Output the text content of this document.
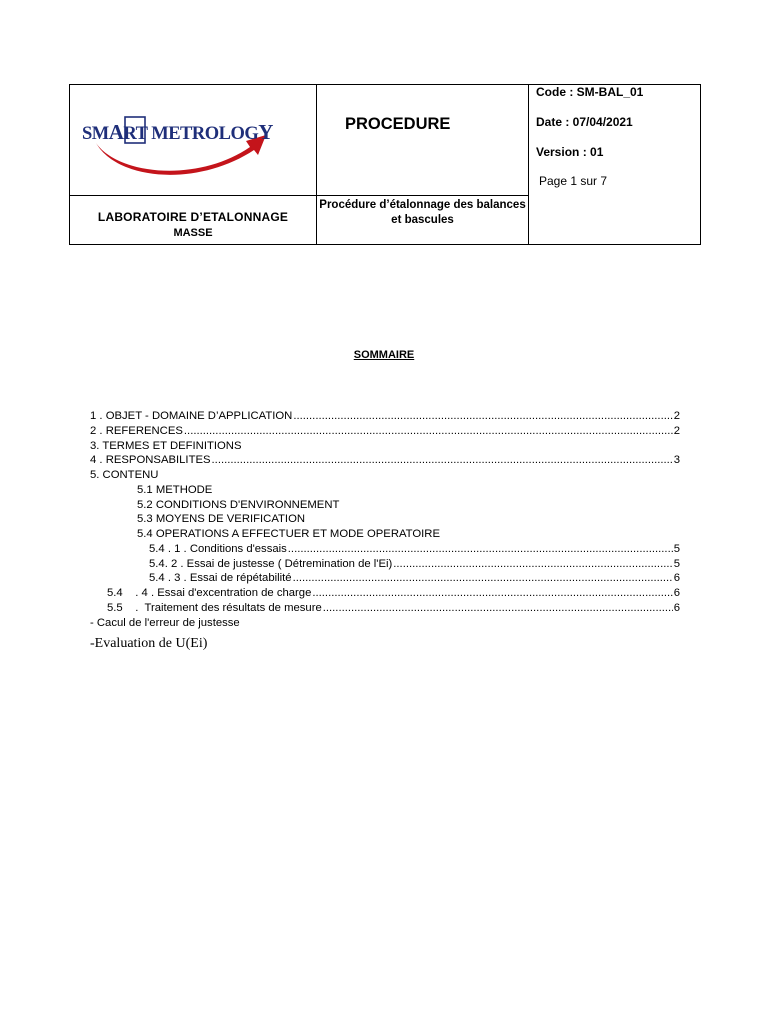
SMART METROLOGY	PROCEDURE	Code : SM-BAL_01
Date : 07/04/2021
Version : 01
Page 1 sur 7

LABORATOIRE D’ETALONNAGE
MASSE	Procédure d’étalonnage des balances et bascules	
SOMMAIRE
1 . OBJET - DOMAINE D’APPLICATION .....	2
2 . REFERENCES .....	2
3. TERMES ET DEFINITIONS
4 . RESPONSABILITES .....	3
5. CONTENU
5.1 METHODE
5.2 CONDITIONS D'ENVIRONNEMENT
5.3 MOYENS DE VERIFICATION
5.4 OPERATIONS A EFFECTUER ET MODE OPERATOIRE
5.4 . 1 . Conditions d'essais .....	5
5.4. 2 . Essai de justesse ( Détremination de l'Ei) .....	5
5.4 . 3 . Essai de répétabilité .....	6
5.4    . 4 . Essai d'excentration de charge .....	6
5.5    .  Traitement des résultats de mesure .....	6
- Cacul de l'erreur de justesse
-Evaluation de U(Ei)
